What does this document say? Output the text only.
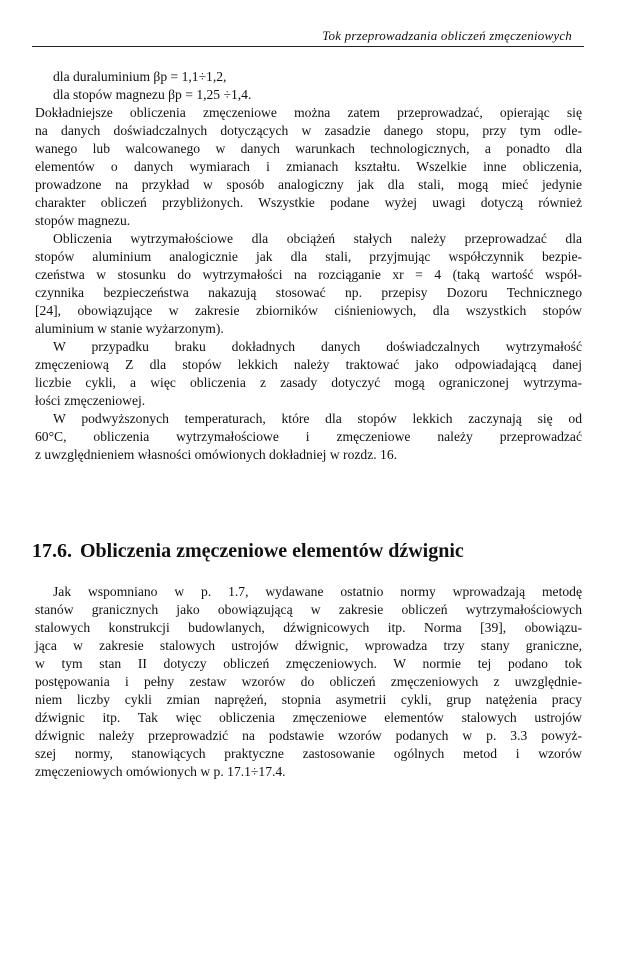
Tok przeprowadzania obliczeń zmęczeniowych
dla duraluminium βp = 1,1÷1,2,
dla stopów magnezu βp = 1,25 ÷1,4.
Dokładniejsze obliczenia zmęczeniowe można zatem przeprowadzać, opierając się
na danych doświadczalnych dotyczących w zasadzie danego stopu, przy tym odle-
wanego lub walcowanego w danych warunkach technologicznych, a ponadto dla
elementów o danych wymiarach i zmianach kształtu. Wszelkie inne obliczenia,
prowadzone na przykład w sposób analogiczny jak dla stali, mogą mieć jedynie
charakter obliczeń przybliżonych. Wszystkie podane wyżej uwagi dotyczą również
stopów magnezu.
Obliczenia wytrzymałościowe dla obciążeń stałych należy przeprowadzać dla
stopów aluminium analogicznie jak dla stali, przyjmując współczynnik bezpie-
czeństwa w stosunku do wytrzymałości na rozciąganie xr = 4 (taką wartość współ-
czynnika bezpieczeństwa nakazują stosować np. przepisy Dozoru Technicznego
[24], obowiązujące w zakresie zbiorników ciśnieniowych, dla wszystkich stopów
aluminium w stanie wyżarzonym).
W przypadku braku dokładnych danych doświadczalnych wytrzymałość
zmęczeniową Z dla stopów lekkich należy traktować jako odpowiadającą danej
liczbie cykli, a więc obliczenia z zasady dotyczyć mogą ograniczonej wytrzyma-
łości zmęczeniowej.
W podwyższonych temperaturach, które dla stopów lekkich zaczynają się od
60°C, obliczenia wytrzymałościowe i zmęczeniowe należy przeprowadzać
z uwzględnieniem własności omówionych dokładniej w rozdz. 16.
17.6. Obliczenia zmęczeniowe elementów dźwignic
Jak wspomniano w p. 1.7, wydawane ostatnio normy wprowadzają metodę
stanów granicznych jako obowiązującą w zakresie obliczeń wytrzymałościowych
stalowych konstrukcji budowlanych, dźwignicowych itp. Norma [39], obowiązu-
jąca w zakresie stalowych ustrojów dźwignic, wprowadza trzy stany graniczne,
w tym stan II dotyczy obliczeń zmęczeniowych. W normie tej podano tok
postępowania i pełny zestaw wzorów do obliczeń zmęczeniowych z uwzględnie-
niem liczby cykli zmian naprężeń, stopnia asymetrii cykli, grup natężenia pracy
dźwignic itp. Tak więc obliczenia zmęczeniowe elementów stalowych ustrojów
dźwignic należy przeprowadzić na podstawie wzorów podanych w p. 3.3 powyż-
szej normy, stanowiących praktyczne zastosowanie ogólnych metod i wzorów
zmęczeniowych omówionych w p. 17.1÷17.4.
